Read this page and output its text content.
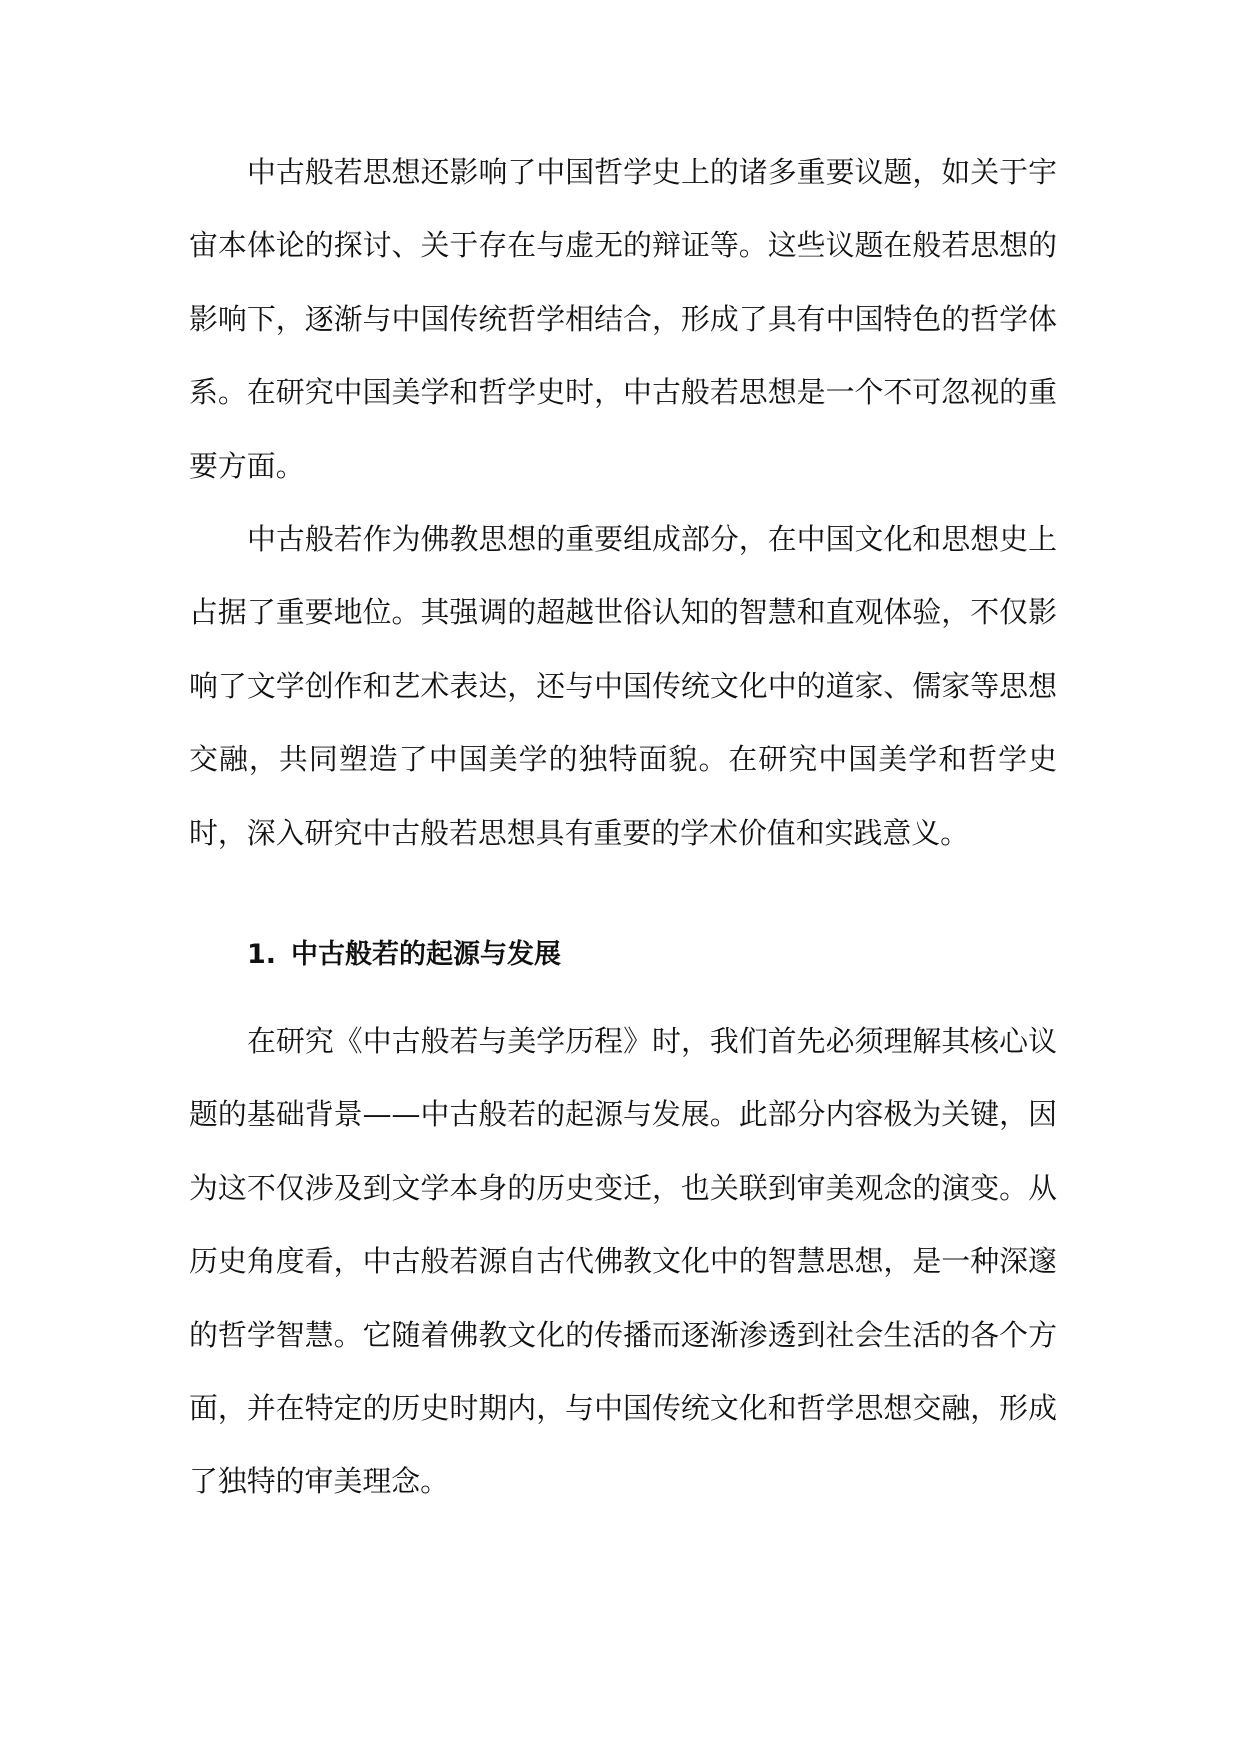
中古般若思想还影响了中国哲学史上的诸多重要议题，如关于宇宙本体论的探讨、关于存在与虚无的辩证等。这些议题在般若思想的影响下，逐渐与中国传统哲学相结合，形成了具有中国特色的哲学体系。在研究中国美学和哲学史时，中古般若思想是一个不可忽视的重要方面。

中古般若作为佛教思想的重要组成部分，在中国文化和思想史上占据了重要地位。其强调的超越世俗认知的智慧和直观体验，不仅影响了文学创作和艺术表达，还与中国传统文化中的道家、儒家等思想交融，共同塑造了中国美学的独特面貌。在研究中国美学和哲学史时，深入研究中古般若思想具有重要的学术价值和实践意义。

1. 中古般若的起源与发展

在研究《中古般若与美学历程》时，我们首先必须理解其核心议题的基础背景——中古般若的起源与发展。此部分内容极为关键，因为这不仅涉及到文学本身的历史变迁，也关联到审美观念的演变。从历史角度看，中古般若源自古代佛教文化中的智慧思想，是一种深邃的哲学智慧。它随着佛教文化的传播而逐渐渗透到社会生活的各个方面，并在特定的历史时期内，与中国传统文化和哲学思想交融，形成了独特的审美理念。
